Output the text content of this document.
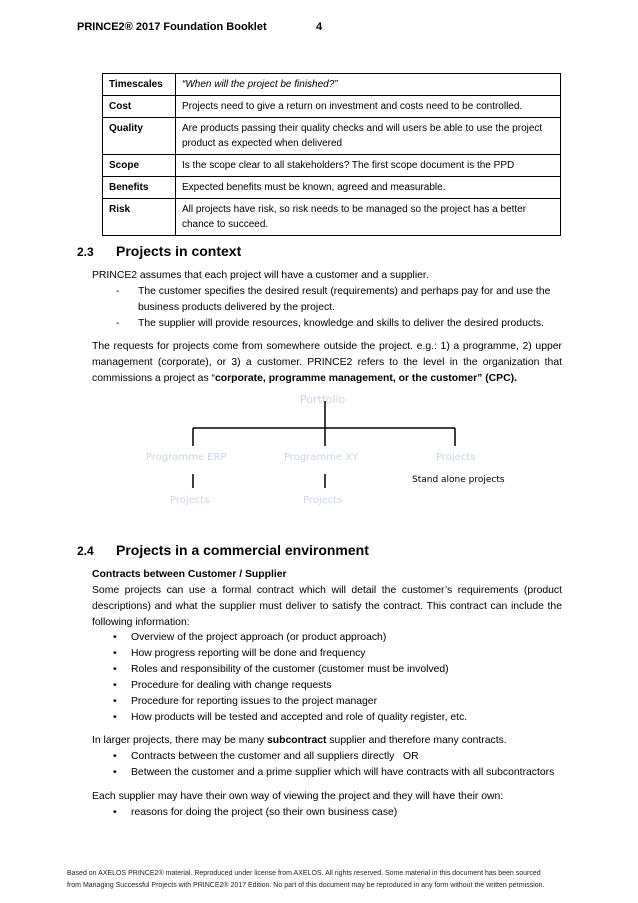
PRINCE2® 2017 Foundation Booklet	4
Timescales	“When will the project be finished?”
Cost	Projects need to give a return on investment and costs need to be controlled.
Quality	Are products passing their quality checks and will users be able to use the project product as expected when delivered
Scope	Is the scope clear to all stakeholders? The first scope document is the PPD
Benefits	Expected benefits must be known, agreed and measurable.
Risk	All projects have risk, so risk needs to be managed so the project has a better chance to succeed.
2.3 Projects in context
PRINCE2 assumes that each project will have a customer and a supplier.
- The customer specifies the desired result (requirements) and perhaps pay for and use the business products delivered by the project.
- The supplier will provide resources, knowledge and skills to deliver the desired products.
The requests for projects come from somewhere outside the project. e.g.: 1) a programme, 2) upper management (corporate), or 3) a customer. PRINCE2 refers to the level in the organization that commissions a project as “corporate, programme management, or the customer” (CPC).
Portfolio
Programme ERP	Programme XY	Projects
Stand alone projects
Projects	Projects
2.4 Projects in a commercial environment
Contracts between Customer / Supplier
Some projects can use a formal contract which will detail the customer’s requirements (product descriptions) and what the supplier must deliver to satisfy the contract. This contract can include the following information:
• Overview of the project approach (or product approach)
• How progress reporting will be done and frequency
• Roles and responsibility of the customer (customer must be involved)
• Procedure for dealing with change requests
• Procedure for reporting issues to the project manager
• How products will be tested and accepted and role of quality register, etc.
In larger projects, there may be many subcontract supplier and therefore many contracts.
• Contracts between the customer and all suppliers directly   OR
• Between the customer and a prime supplier which will have contracts with all subcontractors
Each supplier may have their own way of viewing the project and they will have their own:
• reasons for doing the project (so their own business case)
Based on AXELOS PRINCE2® material. Reproduced under license from AXELOS. All rights reserved. Some material in this document has been sourced
from Managing Successful Projects with PRINCE2® 2017 Edition. No part of this document may be reproduced in any form without the written permission.
